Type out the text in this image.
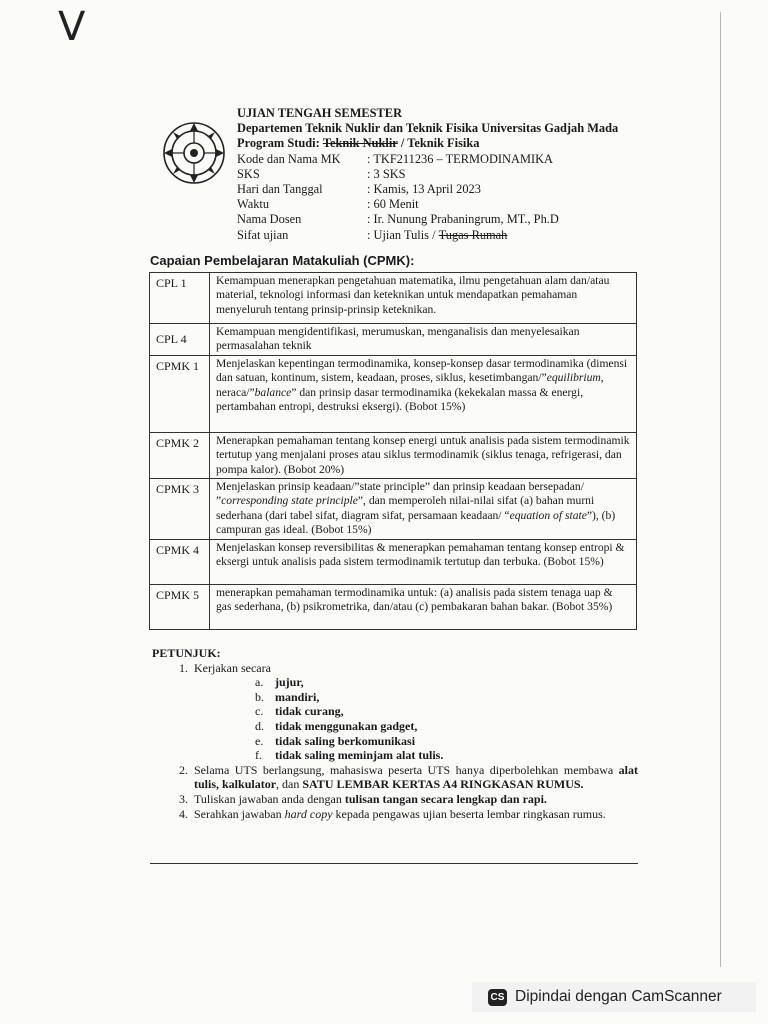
V
UJIAN TENGAH SEMESTER
Departemen Teknik Nuklir dan Teknik Fisika Universitas Gadjah Mada
Program Studi:
Teknik Nuklir
/ Teknik Fisika
Kode dan Nama MK	: TKF211236 – TERMODINAMIKA
SKS	: 3 SKS
Hari dan Tanggal	: Kamis, 13 April 2023
Waktu	: 60 Menit
Nama Dosen	: Ir. Nunung Prabaningrum, MT., Ph.D
Sifat ujian	: Ujian Tulis /
Tugas Rumah
Capaian Pembelajaran Matakuliah (CPMK):
CPL 1	Kemampuan menerapkan pengetahuan matematika, ilmu pengetahuan alam dan/atau material, teknologi informasi dan keteknikan untuk mendapatkan pemahaman menyeluruh tentang prinsip-prinsip keteknikan.
CPL 4	Kemampuan mengidentifikasi, merumuskan, menganalisis dan menyelesaikan permasalahan teknik
CPMK 1	Menjelaskan kepentingan termodinamika, konsep-konsep dasar termodinamika (dimensi dan satuan, kontinum, sistem, keadaan, proses, siklus, kesetimbangan/”equilibrium, neraca/”balance” dan prinsip dasar termodinamika (kekekalan massa & energi, pertambahan entropi, destruksi eksergi). (Bobot 15%)
CPMK 2	Menerapkan pemahaman tentang konsep energi untuk analisis pada sistem termodinamik tertutup yang menjalani proses atau siklus termodinamik (siklus tenaga, refrigerasi, dan pompa kalor). (Bobot 20%)
CPMK 3	Menjelaskan prinsip keadaan/”state principle” dan prinsip keadaan bersepadan/ ”corresponding state principle”, dan memperoleh nilai-nilai sifat (a) bahan murni sederhana (dari tabel sifat, diagram sifat, persamaan keadaan/ “equation of state”), (b) campuran gas ideal. (Bobot 15%)
CPMK 4	Menjelaskan konsep reversibilitas & menerapkan pemahaman tentang konsep entropi & eksergi untuk analisis pada sistem termodinamik tertutup dan terbuka. (Bobot 15%)
CPMK 5	menerapkan pemahaman termodinamika untuk: (a) analisis pada sistem tenaga uap & gas sederhana, (b) psikrometrika, dan/atau (c) pembakaran bahan bakar. (Bobot 35%)
PETUNJUK:
1. Kerjakan secara
a. jujur,
b. mandiri,
c. tidak curang,
d. tidak menggunakan gadget,
e. tidak saling berkomunikasi
f. tidak saling meminjam alat tulis.
2. Selama UTS berlangsung, mahasiswa peserta UTS hanya diperbolehkan membawa alat tulis, kalkulator, dan SATU LEMBAR KERTAS A4 RINGKASAN RUMUS.
3. Tuliskan jawaban anda dengan tulisan tangan secara lengkap dan rapi.
4. Serahkan jawaban hard copy kepada pengawas ujian beserta lembar ringkasan rumus.
CS Dipindai dengan CamScanner
